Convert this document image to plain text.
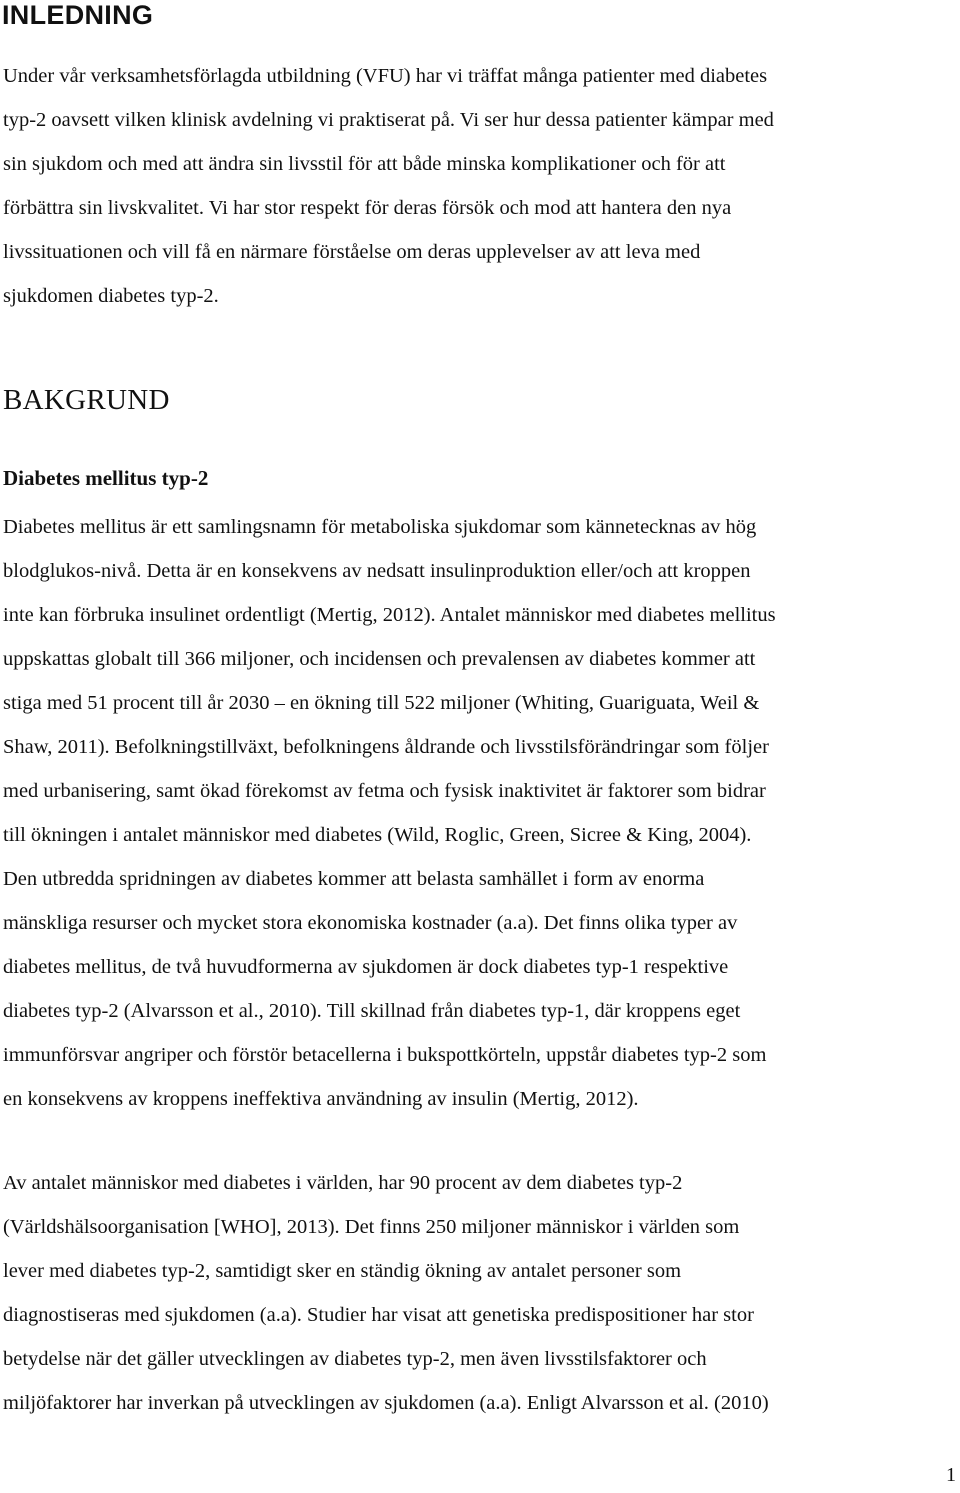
INLEDNING

Under vår verksamhetsförlagda utbildning (VFU) har vi träffat många patienter med diabetes
typ-2 oavsett vilken klinisk avdelning vi praktiserat på. Vi ser hur dessa patienter kämpar med
sin sjukdom och med att ändra sin livsstil för att både minska komplikationer och för att
förbättra sin livskvalitet. Vi har stor respekt för deras försök och mod att hantera den nya
livssituationen och vill få en närmare förståelse om deras upplevelser av att leva med
sjukdomen diabetes typ-2.

BAKGRUND
Diabetes mellitus typ-2

Diabetes mellitus är ett samlingsnamn för metaboliska sjukdomar som kännetecknas av hög
blodglukos-nivå. Detta är en konsekvens av nedsatt insulinproduktion eller/och att kroppen
inte kan förbruka insulinet ordentligt (Mertig, 2012). Antalet människor med diabetes mellitus
uppskattas globalt till 366 miljoner, och incidensen och prevalensen av diabetes kommer att
stiga med 51 procent till år 2030 – en ökning till 522 miljoner (Whiting, Guariguata, Weil &
Shaw, 2011). Befolkningstillväxt, befolkningens åldrande och livsstilsförändringar som följer
med urbanisering, samt ökad förekomst av fetma och fysisk inaktivitet är faktorer som bidrar
till ökningen i antalet människor med diabetes (Wild, Roglic, Green, Sicree & King, 2004).
Den utbredda spridningen av diabetes kommer att belasta samhället i form av enorma
mänskliga resurser och mycket stora ekonomiska kostnader (a.a). Det finns olika typer av
diabetes mellitus, de två huvudformerna av sjukdomen är dock diabetes typ-1 respektive
diabetes typ-2 (Alvarsson et al., 2010). Till skillnad från diabetes typ-1, där kroppens eget
immunförsvar angriper och förstör betacellerna i bukspottkörteln, uppstår diabetes typ-2 som
en konsekvens av kroppens ineffektiva användning av insulin (Mertig, 2012).

Av antalet människor med diabetes i världen, har 90 procent av dem diabetes typ-2
(Världshälsoorganisation [WHO], 2013). Det finns 250 miljoner människor i världen som
lever med diabetes typ-2, samtidigt sker en ständig ökning av antalet personer som
diagnostiseras med sjukdomen (a.a). Studier har visat att genetiska predispositioner har stor
betydelse när det gäller utvecklingen av diabetes typ-2, men även livsstilsfaktorer och
miljöfaktorer har inverkan på utvecklingen av sjukdomen (a.a). Enligt Alvarsson et al. (2010)

1
